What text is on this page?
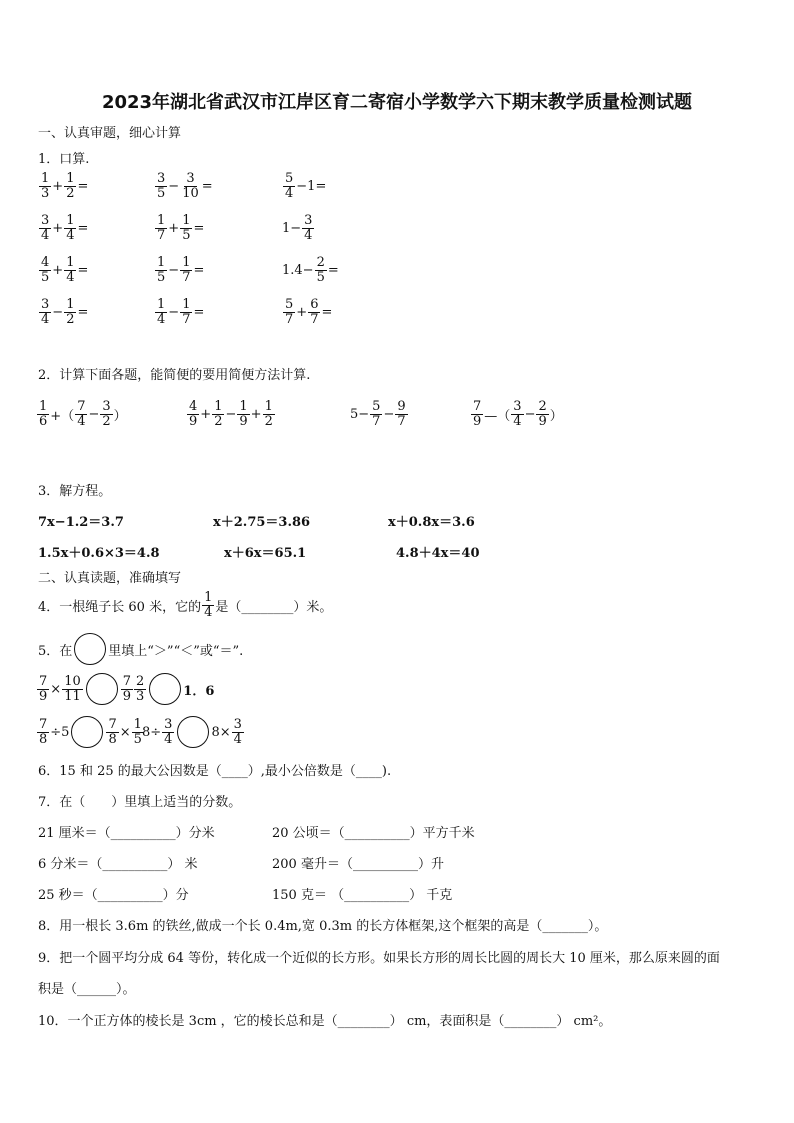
2023年湖北省武汉市江岸区育二寄宿小学数学六下期末教学质量检测试题
一、认真审题，细心计算
1．口算.
$\frac{1}{3} + \frac{1}{2}$ =	$\frac{3}{5} - \frac{3}{10}$ =	$\frac{5}{4} -1$ =
$\frac{3}{4} + \frac{1}{4}$ =	$\frac{1}{7} + \frac{1}{5}$ =	$1- \frac{3}{4}$
$\frac{4}{5} + \frac{1}{4}$ =	$\frac{1}{5} - \frac{1}{7}$ =	$1.4- \frac{2}{5}$ =
$\frac{3}{4} - \frac{1}{2}$ =	$\frac{1}{4} - \frac{1}{7}$ =	$\frac{5}{7} + \frac{6}{7}$ =
2．计算下面各题，能简便的要用简便方法计算.
$\frac{1}{6}$ +（ $\frac{7}{4} - \frac{3}{2}$ ）	$\frac{4}{9} + \frac{1}{2} - \frac{1}{9} + \frac{1}{2}$	$5- \frac{5}{7} - \frac{9}{7}$	$\frac{7}{9}$ —（ $\frac{3}{4} - \frac{2}{9}$ ）
3．解方程。
7x−1.2＝3.7	x＋2.75＝3.86	x＋0.8x＝3.6
1.5x＋0.6×3＝4.8	x＋6x＝65.1	4.8＋4x＝40
二、认真读题，准确填写
4．一根绳子长 60 米，它的 $\frac{1}{4}$ 是（________）米。
5．在	里填上“＞”“＜”或“＝”.
$\frac{7}{9} \times \frac{10}{11}$	$\frac{7}{9} \frac{2}{3}$	1．6
$\frac{7}{8} \div 5$	$\frac{7}{8} \times \frac{1}{5}$
$8\div \frac{3}{4}$	$8\times \frac{3}{4}$
6．15 和 25 的最大公因数是（____）,最小公倍数是（____).
7．在（　　）里填上适当的分数。
21 厘米＝（__________）分米	20 公顷＝（__________）平方千米
6 分米＝（__________） 米	200 毫升＝（__________）升
25 秒＝（__________）分	150 克＝ （__________） 千克
8．用一根长 3.6m 的铁丝,做成一个长 0.4m,宽 0.3m 的长方体框架,这个框架的高是（_______）。
9．把一个圆平均分成 64 等份，转化成一个近似的长方形。如果长方形的周长比圆的周长大 10 厘米，那么原来圆的面
积是（______）。
10．一个正方体的棱长是 3cm ，它的棱长总和是（________） cm，表面积是（________） cm²。
